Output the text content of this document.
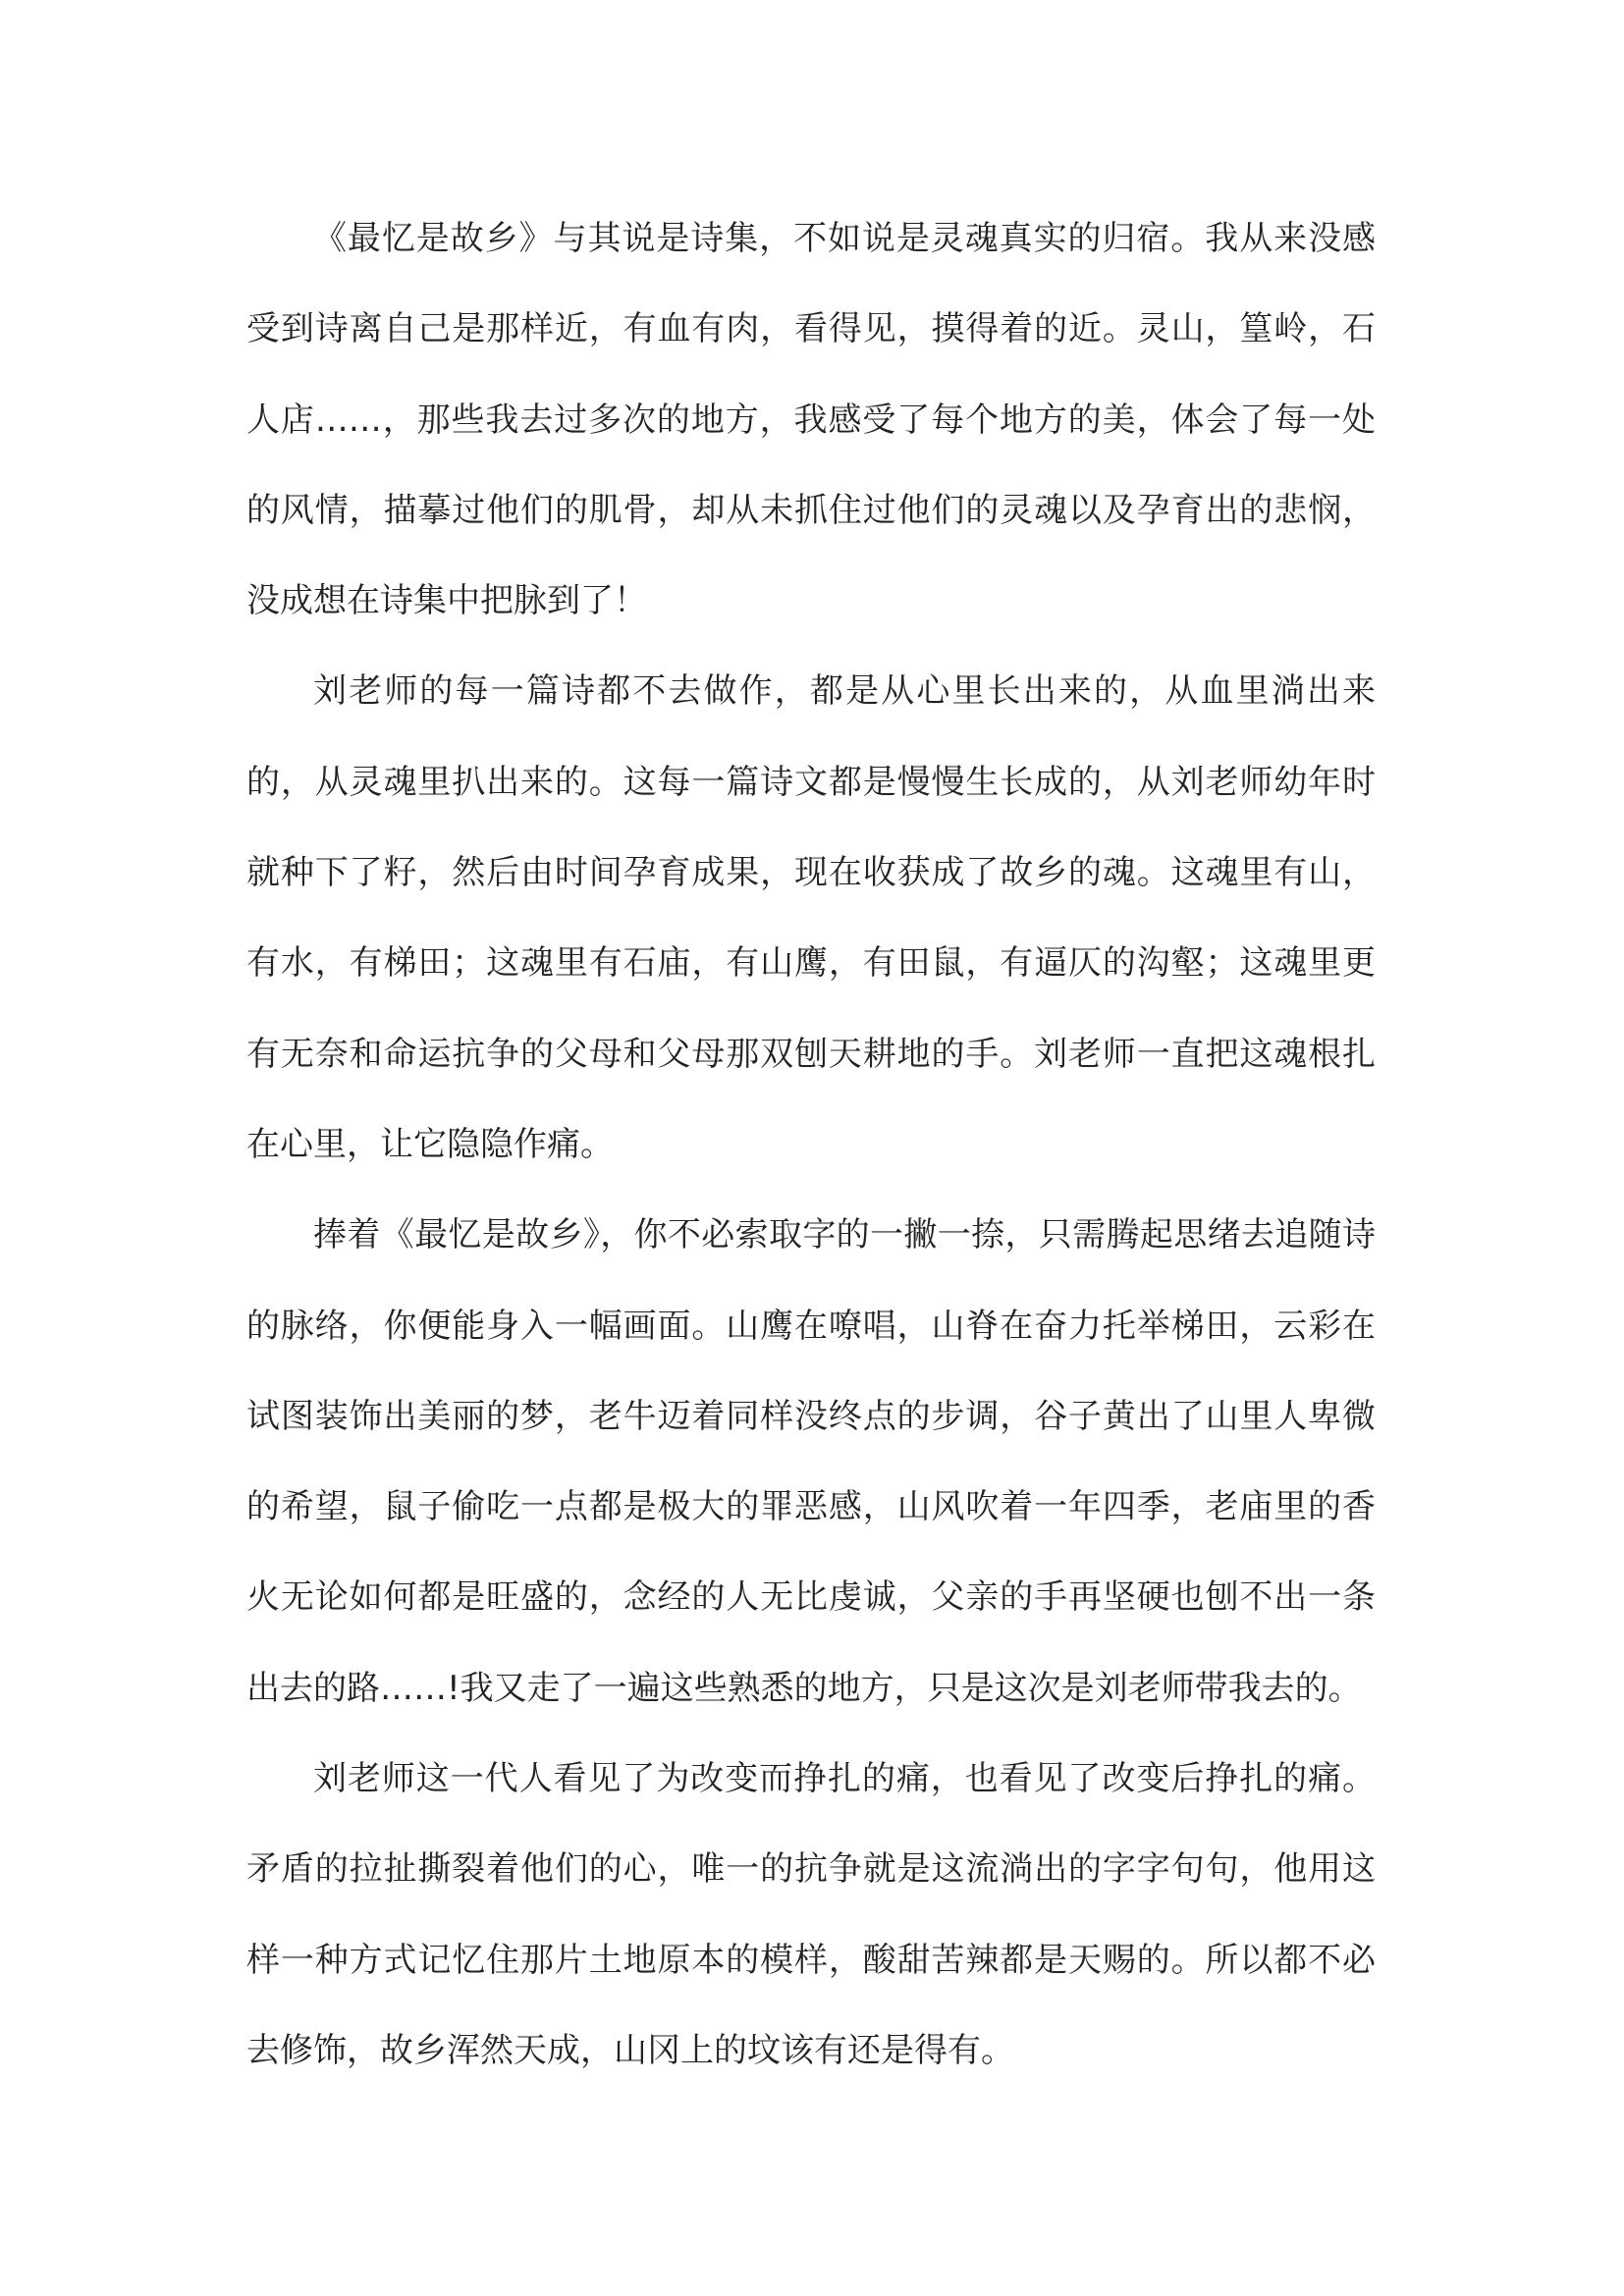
《最忆是故乡》与其说是诗集，不如说是灵魂真实的归宿。我从来没感受到诗离自己是那样近，有血有肉，看得见，摸得着的近。灵山，篁岭，石人店……，那些我去过多次的地方，我感受了每个地方的美，体会了每一处的风情，描摹过他们的肌骨，却从未抓住过他们的灵魂以及孕育出的悲悯，没成想在诗集中把脉到了！

刘老师的每一篇诗都不去做作，都是从心里长出来的，从血里淌出来的，从灵魂里扒出来的。这每一篇诗文都是慢慢生长成的，从刘老师幼年时就种下了籽，然后由时间孕育成果，现在收获成了故乡的魂。这魂里有山，有水，有梯田；这魂里有石庙，有山鹰，有田鼠，有逼仄的沟壑；这魂里更有无奈和命运抗争的父母和父母那双刨天耕地的手。刘老师一直把这魂根扎在心里，让它隐隐作痛。

捧着《最忆是故乡》，你不必索取字的一撇一捺，只需腾起思绪去追随诗的脉络，你便能身入一幅画面。山鹰在嘹唱，山脊在奋力托举梯田，云彩在试图装饰出美丽的梦，老牛迈着同样没终点的步调，谷子黄出了山里人卑微的希望，鼠子偷吃一点都是极大的罪恶感，山风吹着一年四季，老庙里的香火无论如何都是旺盛的，念经的人无比虔诚，父亲的手再坚硬也刨不出一条出去的路……!我又走了一遍这些熟悉的地方，只是这次是刘老师带我去的。

刘老师这一代人看见了为改变而挣扎的痛，也看见了改变后挣扎的痛。矛盾的拉扯撕裂着他们的心，唯一的抗争就是这流淌出的字字句句，他用这样一种方式记忆住那片土地原本的模样，酸甜苦辣都是天赐的。所以都不必去修饰，故乡浑然天成，山冈上的坟该有还是得有。
